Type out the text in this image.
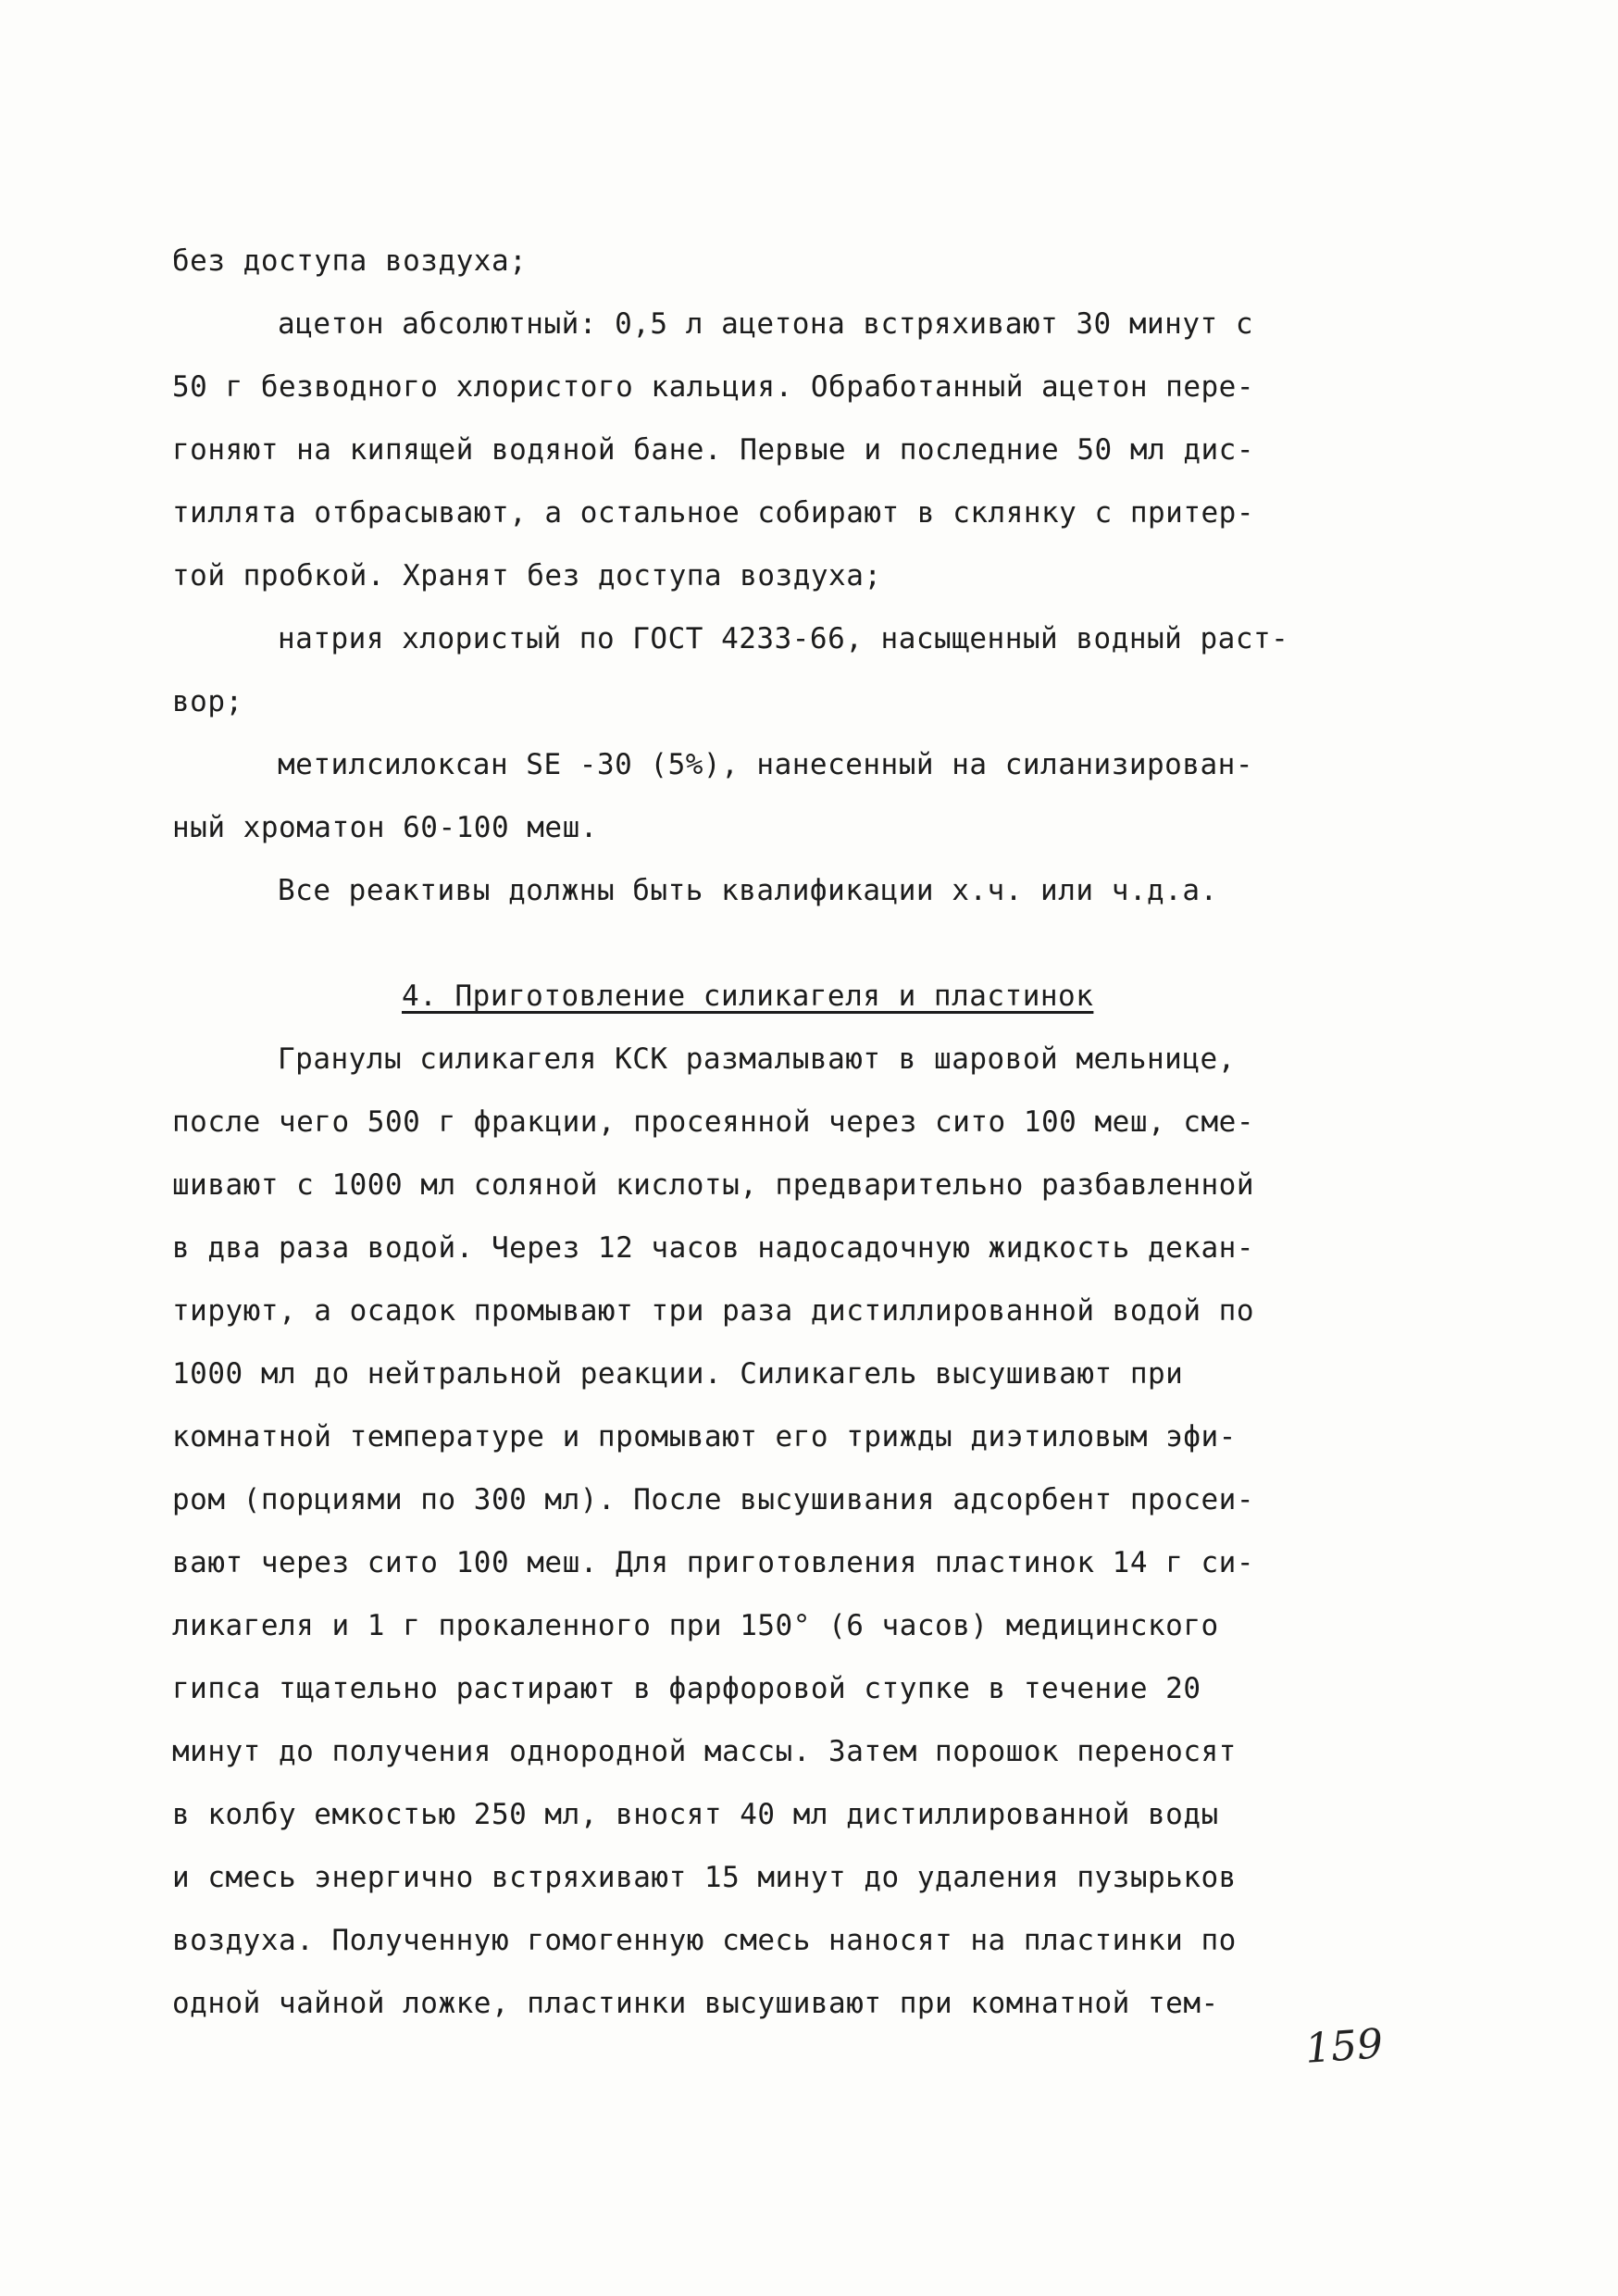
без доступа воздуха;
ацетон абсолютный: 0,5 л ацетона встряхивают 30 минут с
50 г безводного хлористого кальция. Обработанный ацетон пере-
гоняют на кипящей водяной бане. Первые и последние 50 мл дис-
тиллята отбрасывают, а остальное собирают в склянку с притер-
той пробкой. Хранят без доступа воздуха;
натрия хлористый по ГОСТ 4233-66, насыщенный водный раст-
вор;
метилсилоксан SE -30 (5%), нанесенный на силанизирован-
ный хроматон 60-100 меш.
Все реактивы должны быть квалификации х.ч. или ч.д.а.
4. Приготовление силикагеля и пластинок
Гранулы силикагеля КСК размалывают в шаровой мельнице,
после чего 500 г фракции, просеянной через сито 100 меш, сме-
шивают с 1000 мл соляной кислоты, предварительно разбавленной
в два раза водой. Через 12 часов надосадочную жидкость декан-
тируют, а осадок промывают три раза дистиллированной водой по
1000 мл до нейтральной реакции. Силикагель высушивают при
комнатной температуре и промывают его трижды диэтиловым эфи-
ром (порциями по 300 мл). После высушивания адсорбент просеи-
вают через сито 100 меш. Для приготовления пластинок 14 г си-
ликагеля и 1 г прокаленного при 150° (6 часов) медицинского
гипса тщательно растирают в фарфоровой ступке в течение 20
минут до получения однородной массы. Затем порошок переносят
в колбу емкостью 250 мл, вносят 40 мл дистиллированной воды
и смесь энергично встряхивают 15 минут до удаления пузырьков
воздуха. Полученную гомогенную смесь наносят на пластинки по
одной чайной ложке, пластинки высушивают при комнатной тем-
159
